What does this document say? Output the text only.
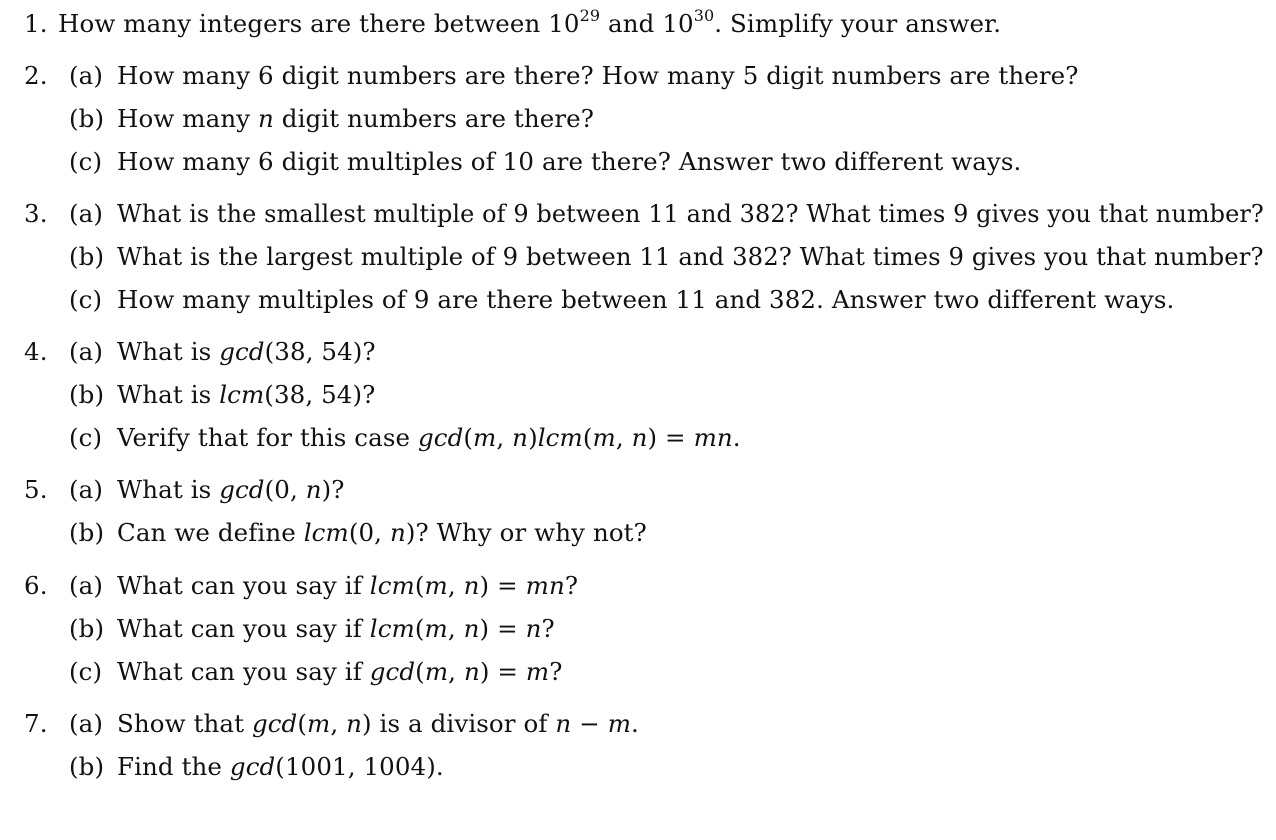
1. How many integers are there between $10^{29}$ and $10^{30}$. Simplify your answer.
2. (a) How many 6 digit numbers are there? How many 5 digit numbers are there?
(b) How many n digit numbers are there?
(c) How many 6 digit multiples of 10 are there? Answer two different ways.
3. (a) What is the smallest multiple of 9 between 11 and 382? What times 9 gives you that number?
(b) What is the largest multiple of 9 between 11 and 382? What times 9 gives you that number?
(c) How many multiples of 9 are there between 11 and 382. Answer two different ways.
4. (a) What is gcd(38, 54)?
(b) What is lcm(38, 54)?
(c) Verify that for this case gcd(m, n)lcm(m, n) = mn.
5. (a) What is gcd(0, n)?
(b) Can we define lcm(0, n)? Why or why not?
6. (a) What can you say if lcm(m, n) = mn?
(b) What can you say if lcm(m, n) = n?
(c) What can you say if gcd(m, n) = m?
7. (a) Show that gcd(m, n) is a divisor of n − m.
(b) Find the gcd(1001, 1004).
